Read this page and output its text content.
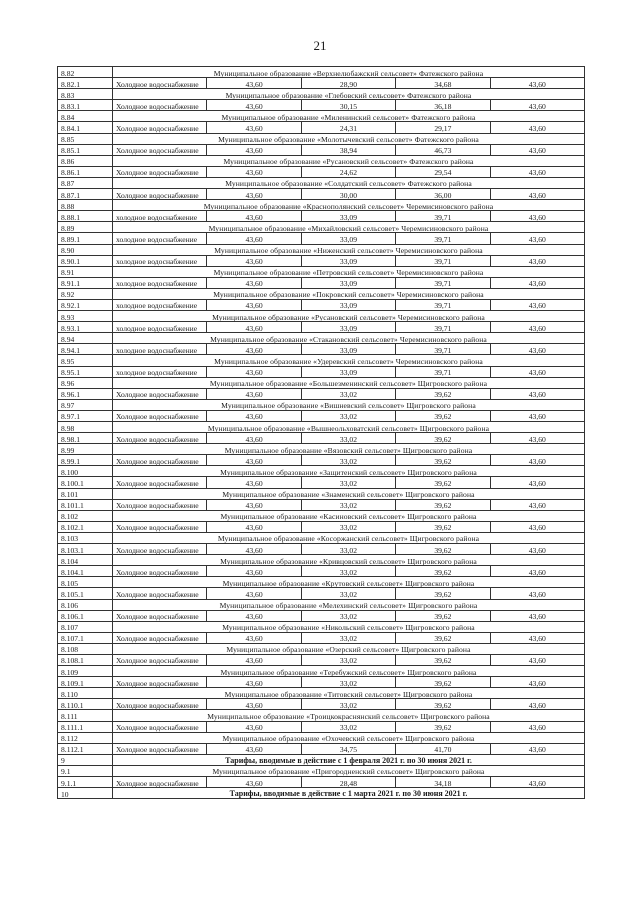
21
8.82	Муниципальное образование «Верхнелюбажский сельсовет» Фатежского района				
8.82.1	Холодное водоснабжение	43,60	28,90	34,68	43,60
8.83	Муниципальное образование «Глебовский сельсовет» Фатежского района				
8.83.1	Холодное водоснабжение	43,60	30,15	36,18	43,60
8.84	Муниципальное образование «Миленинский сельсовет» Фатежского района				
8.84.1	Холодное водоснабжение	43,60	24,31	29,17	43,60
8.85	Муниципальное образование «Молотычевский сельсовет» Фатежского района				
8.85.1	Холодное водоснабжение	43,60	38,94	46,73	43,60
8.86	Муниципальное образование «Русановский сельсовет» Фатежского района				
8.86.1	Холодное водоснабжение	43,60	24,62	29,54	43,60
8.87	Муниципальное образование «Солдатский сельсовет» Фатежского района				
8.87.1	Холодное водоснабжение	43,60	30,00	36,00	43,60
8.88	Муниципальное образование «Краснополянский сельсовет» Черемисиновского района				
8.88.1	холодное водоснабжение	43,60	33,09	39,71	43,60
8.89	Муниципальное образование «Михайловский сельсовет» Черемисиновского района				
8.89.1	холодное водоснабжение	43,60	33,09	39,71	43,60
8.90	Муниципальное образование «Ниженский сельсовет» Черемисиновского района				
8.90.1	холодное водоснабжение	43,60	33,09	39,71	43,60
8.91	Муниципальное образование «Петровский сельсовет» Черемисиновского района				
8.91.1	холодное водоснабжение	43,60	33,09	39,71	43,60
8.92	Муниципальное образование «Покровский сельсовет» Черемисиновского района				
8.92.1	холодное водоснабжение	43,60	33,09	39,71	43,60
8.93	Муниципальное образование «Русановский сельсовет» Черемисиновского района				
8.93.1	холодное водоснабжение	43,60	33,09	39,71	43,60
8.94	Муниципальное образование «Стакановский сельсовет» Черемисиновского района				
8.94.1	холодное водоснабжение	43,60	33,09	39,71	43,60
8.95	Муниципальное образование «Удеревский сельсовет» Черемисиновского района				
8.95.1	холодное водоснабжение	43,60	33,09	39,71	43,60
8.96	Муниципальное образование «Большезменинский сельсовет» Щигровского района				
8.96.1	Холодное водоснабжение	43,60	33,02	39,62	43,60
8.97	Муниципальное образование «Вишневский сельсовет» Щигровского района				
8.97.1	Холодное водоснабжение	43,60	33,02	39,62	43,60
8.98	Муниципальное образование «Вышнеольховатский сельсовет» Щигровского района				
8.98.1	Холодное водоснабжение	43,60	33,02	39,62	43,60
8.99	Муниципальное образование «Вязовский сельсовет» Щигровского района				
8.99.1	Холодное водоснабжение	43,60	33,02	39,62	43,60
8.100	Муниципальное образование «Защитенский сельсовет» Щигровского района				
8.100.1	Холодное водоснабжение	43,60	33,02	39,62	43,60
8.101	Муниципальное образование «Знаменский сельсовет» Щигровского района				
8.101.1	Холодное водоснабжение	43,60	33,02	39,62	43,60
8.102	Муниципальное образование «Касиновский сельсовет» Щигровского района				
8.102.1	Холодное водоснабжение	43,60	33,02	39,62	43,60
8.103	Муниципальное образование «Косоржанский сельсовет» Щигровского района				
8.103.1	Холодное водоснабжение	43,60	33,02	39,62	43,60
8.104	Муниципальное образование «Кривцовский сельсовет» Щигровского района				
8.104.1	Холодное водоснабжение	43,60	33,02	39,62	43,60
8.105	Муниципальное образование «Крутовский сельсовет» Щигровского района				
8.105.1	Холодное водоснабжение	43,60	33,02	39,62	43,60
8.106	Муниципальное образование «Мелехинский сельсовет» Щигровского района				
8.106.1	Холодное водоснабжение	43,60	33,02	39,62	43,60
8.107	Муниципальное образование «Никольский сельсовет» Щигровского района				
8.107.1	Холодное водоснабжение	43,60	33,02	39,62	43,60
8.108	Муниципальное образование «Озерский сельсовет» Щигровского района				
8.108.1	Холодное водоснабжение	43,60	33,02	39,62	43,60
8.109	Муниципальное образование «Теребужский сельсовет» Щигровского района				
8.109.1	Холодное водоснабжение	43,60	33,02	39,62	43,60
8.110	Муниципальное образование «Титовский сельсовет» Щигровского района				
8.110.1	Холодное водоснабжение	43,60	33,02	39,62	43,60
8.111	Муниципальное образование «Троицкокраснянский сельсовет» Щигровского района				
8.111.1	Холодное водоснабжение	43,60	33,02	39,62	43,60
8.112	Муниципальное образование «Охочевский сельсовет» Щигровского района				
8.112.1	Холодное водоснабжение	43,60	34,75	41,70	43,60
9	Тарифы, вводимые в действие с 1 февраля 2021 г. по 30 июня 2021 г.				
9.1	Муниципальное образование «Пригородненский сельсовет» Щигровского района				
9.1.1	Холодное водоснабжение	43,60	28,48	34,18	43,60
10	Тарифы, вводимые в действие с 1 марта 2021 г. по 30 июня 2021 г.				
